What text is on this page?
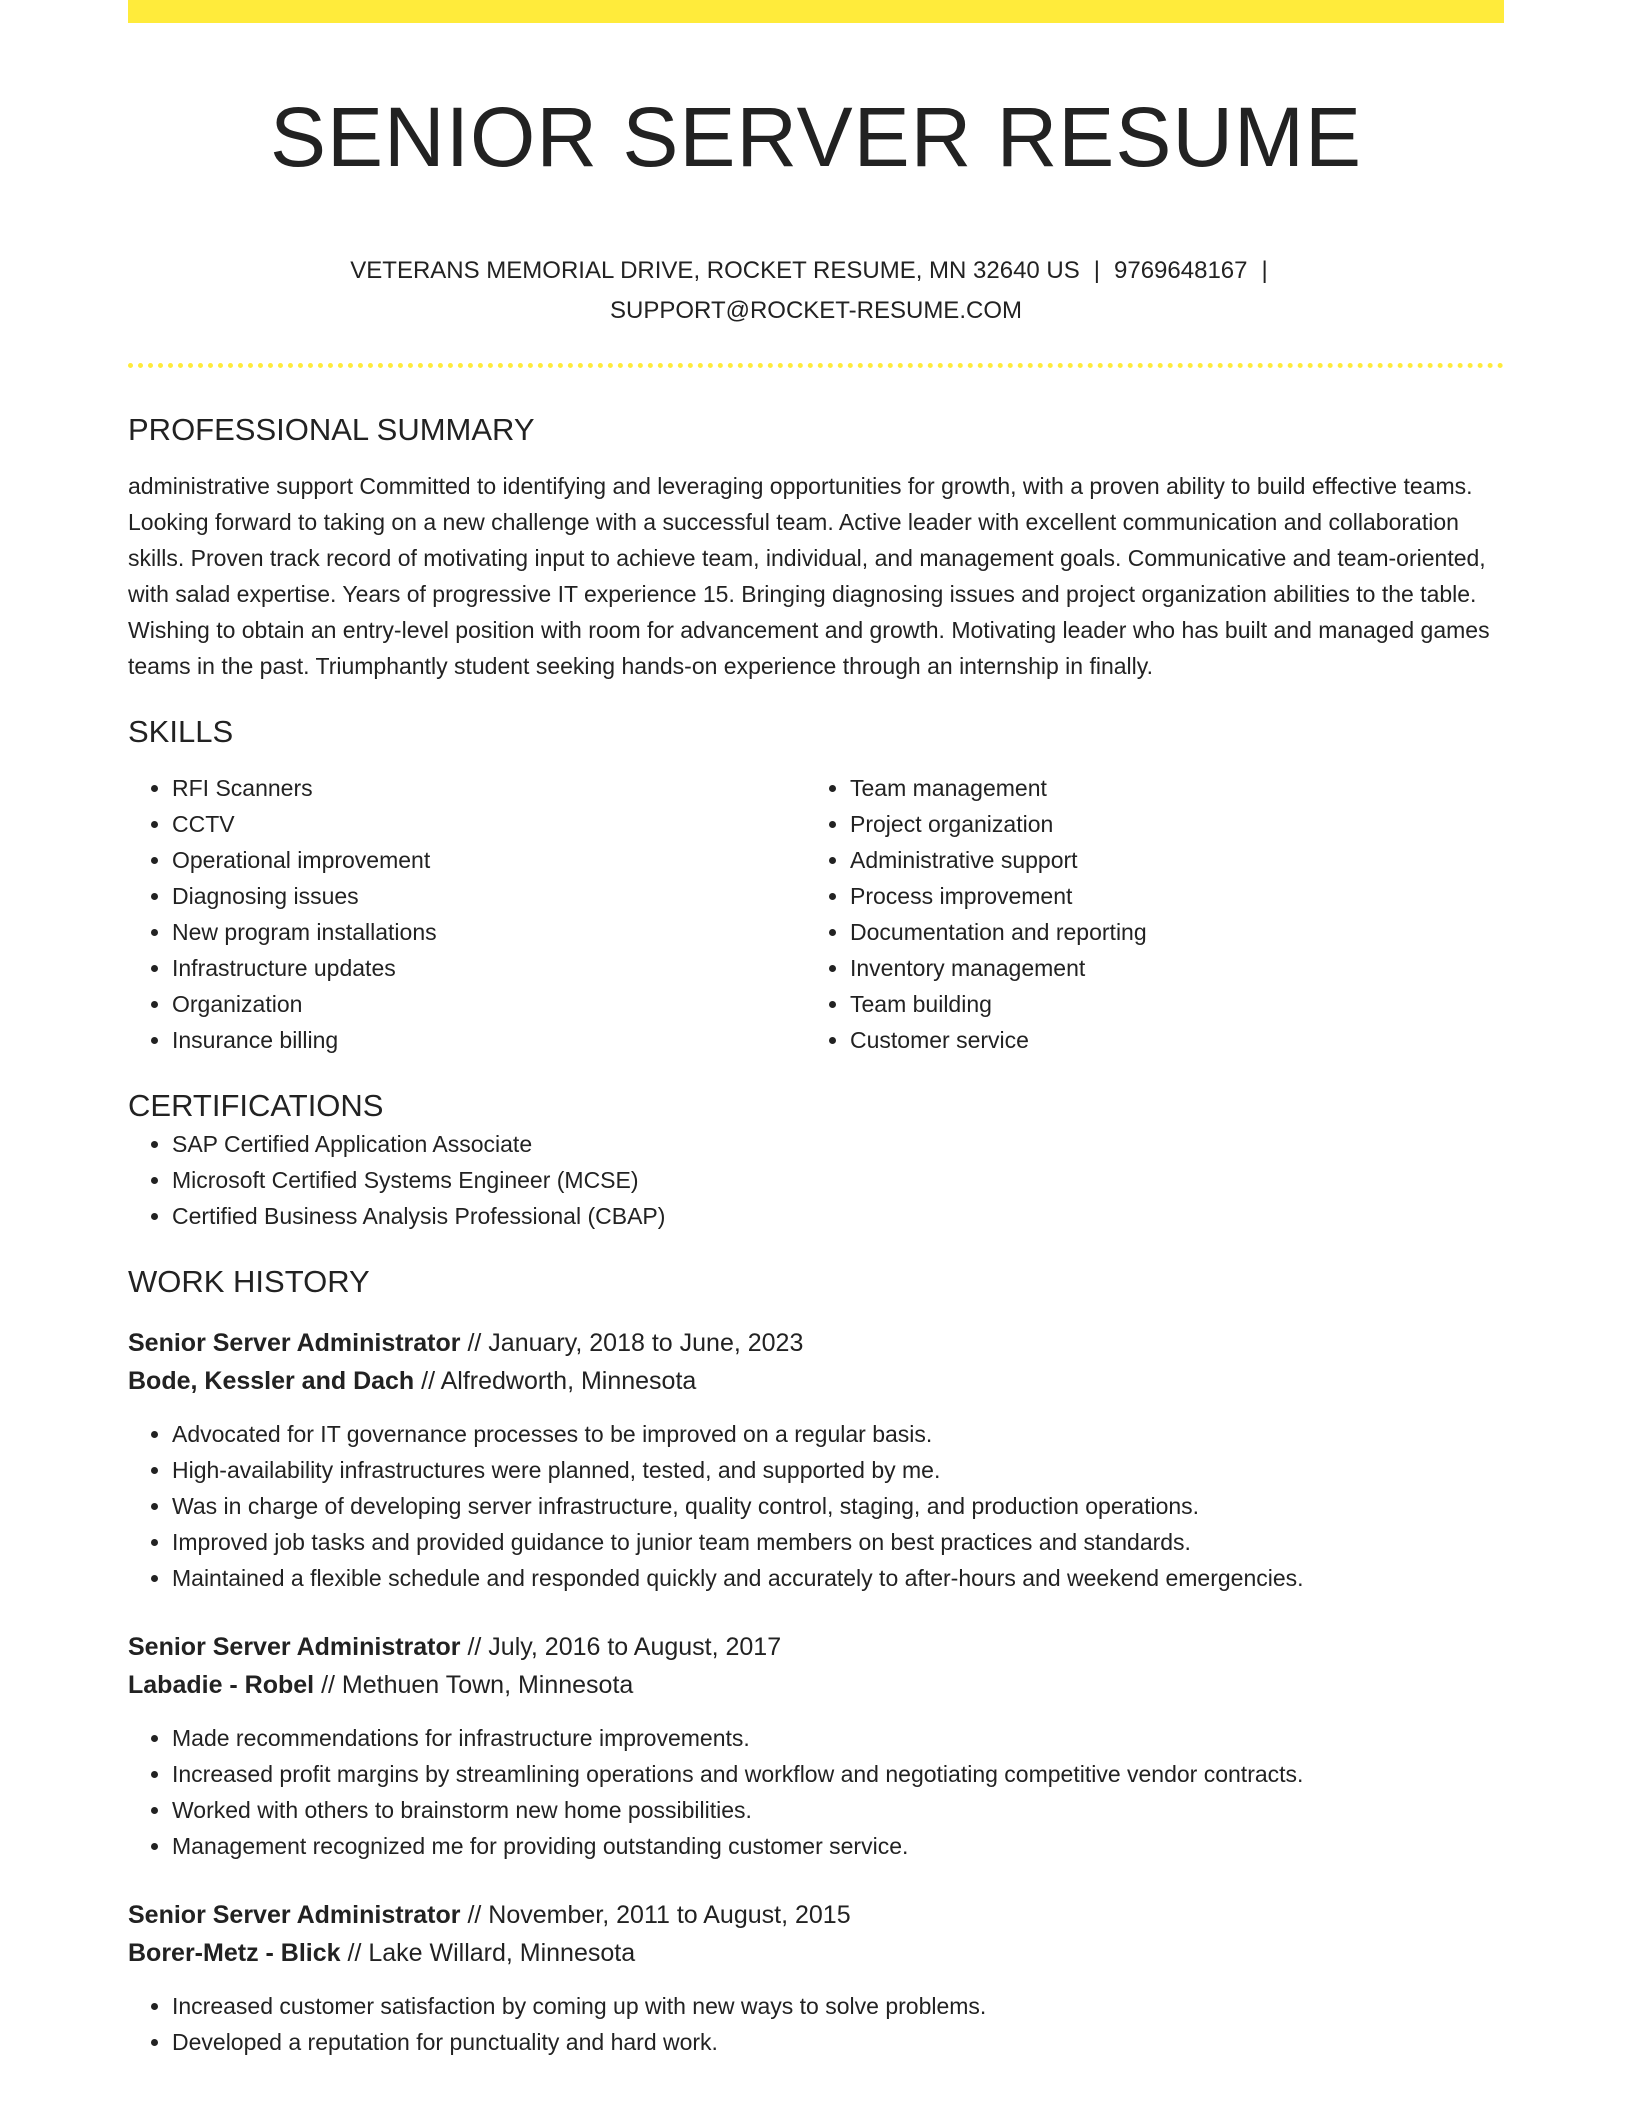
SENIOR SERVER RESUME
VETERANS MEMORIAL DRIVE, ROCKET RESUME, MN 32640 US | 9769648167 |
SUPPORT@ROCKET-RESUME.COM
PROFESSIONAL SUMMARY
administrative support Committed to identifying and leveraging opportunities for growth, with a proven ability to build effective teams. Looking forward to taking on a new challenge with a successful team. Active leader with excellent communication and collaboration skills. Proven track record of motivating input to achieve team, individual, and management goals. Communicative and team-oriented, with salad expertise. Years of progressive IT experience 15. Bringing diagnosing issues and project organization abilities to the table. Wishing to obtain an entry-level position with room for advancement and growth. Motivating leader who has built and managed games teams in the past. Triumphantly student seeking hands-on experience through an internship in finally.
SKILLS
• RFI Scanners
• CCTV
• Operational improvement
• Diagnosing issues
• New program installations
• Infrastructure updates
• Organization
• Insurance billing
• Team management
• Project organization
• Administrative support
• Process improvement
• Documentation and reporting
• Inventory management
• Team building
• Customer service
CERTIFICATIONS
• SAP Certified Application Associate
• Microsoft Certified Systems Engineer (MCSE)
• Certified Business Analysis Professional (CBAP)
WORK HISTORY
Senior Server Administrator // January, 2018 to June, 2023
Bode, Kessler and Dach // Alfredworth, Minnesota
• Advocated for IT governance processes to be improved on a regular basis.
• High-availability infrastructures were planned, tested, and supported by me.
• Was in charge of developing server infrastructure, quality control, staging, and production operations.
• Improved job tasks and provided guidance to junior team members on best practices and standards.
• Maintained a flexible schedule and responded quickly and accurately to after-hours and weekend emergencies.
Senior Server Administrator // July, 2016 to August, 2017
Labadie - Robel // Methuen Town, Minnesota
• Made recommendations for infrastructure improvements.
• Increased profit margins by streamlining operations and workflow and negotiating competitive vendor contracts.
• Worked with others to brainstorm new home possibilities.
• Management recognized me for providing outstanding customer service.
Senior Server Administrator // November, 2011 to August, 2015
Borer-Metz - Blick // Lake Willard, Minnesota
• Increased customer satisfaction by coming up with new ways to solve problems.
• Developed a reputation for punctuality and hard work.
